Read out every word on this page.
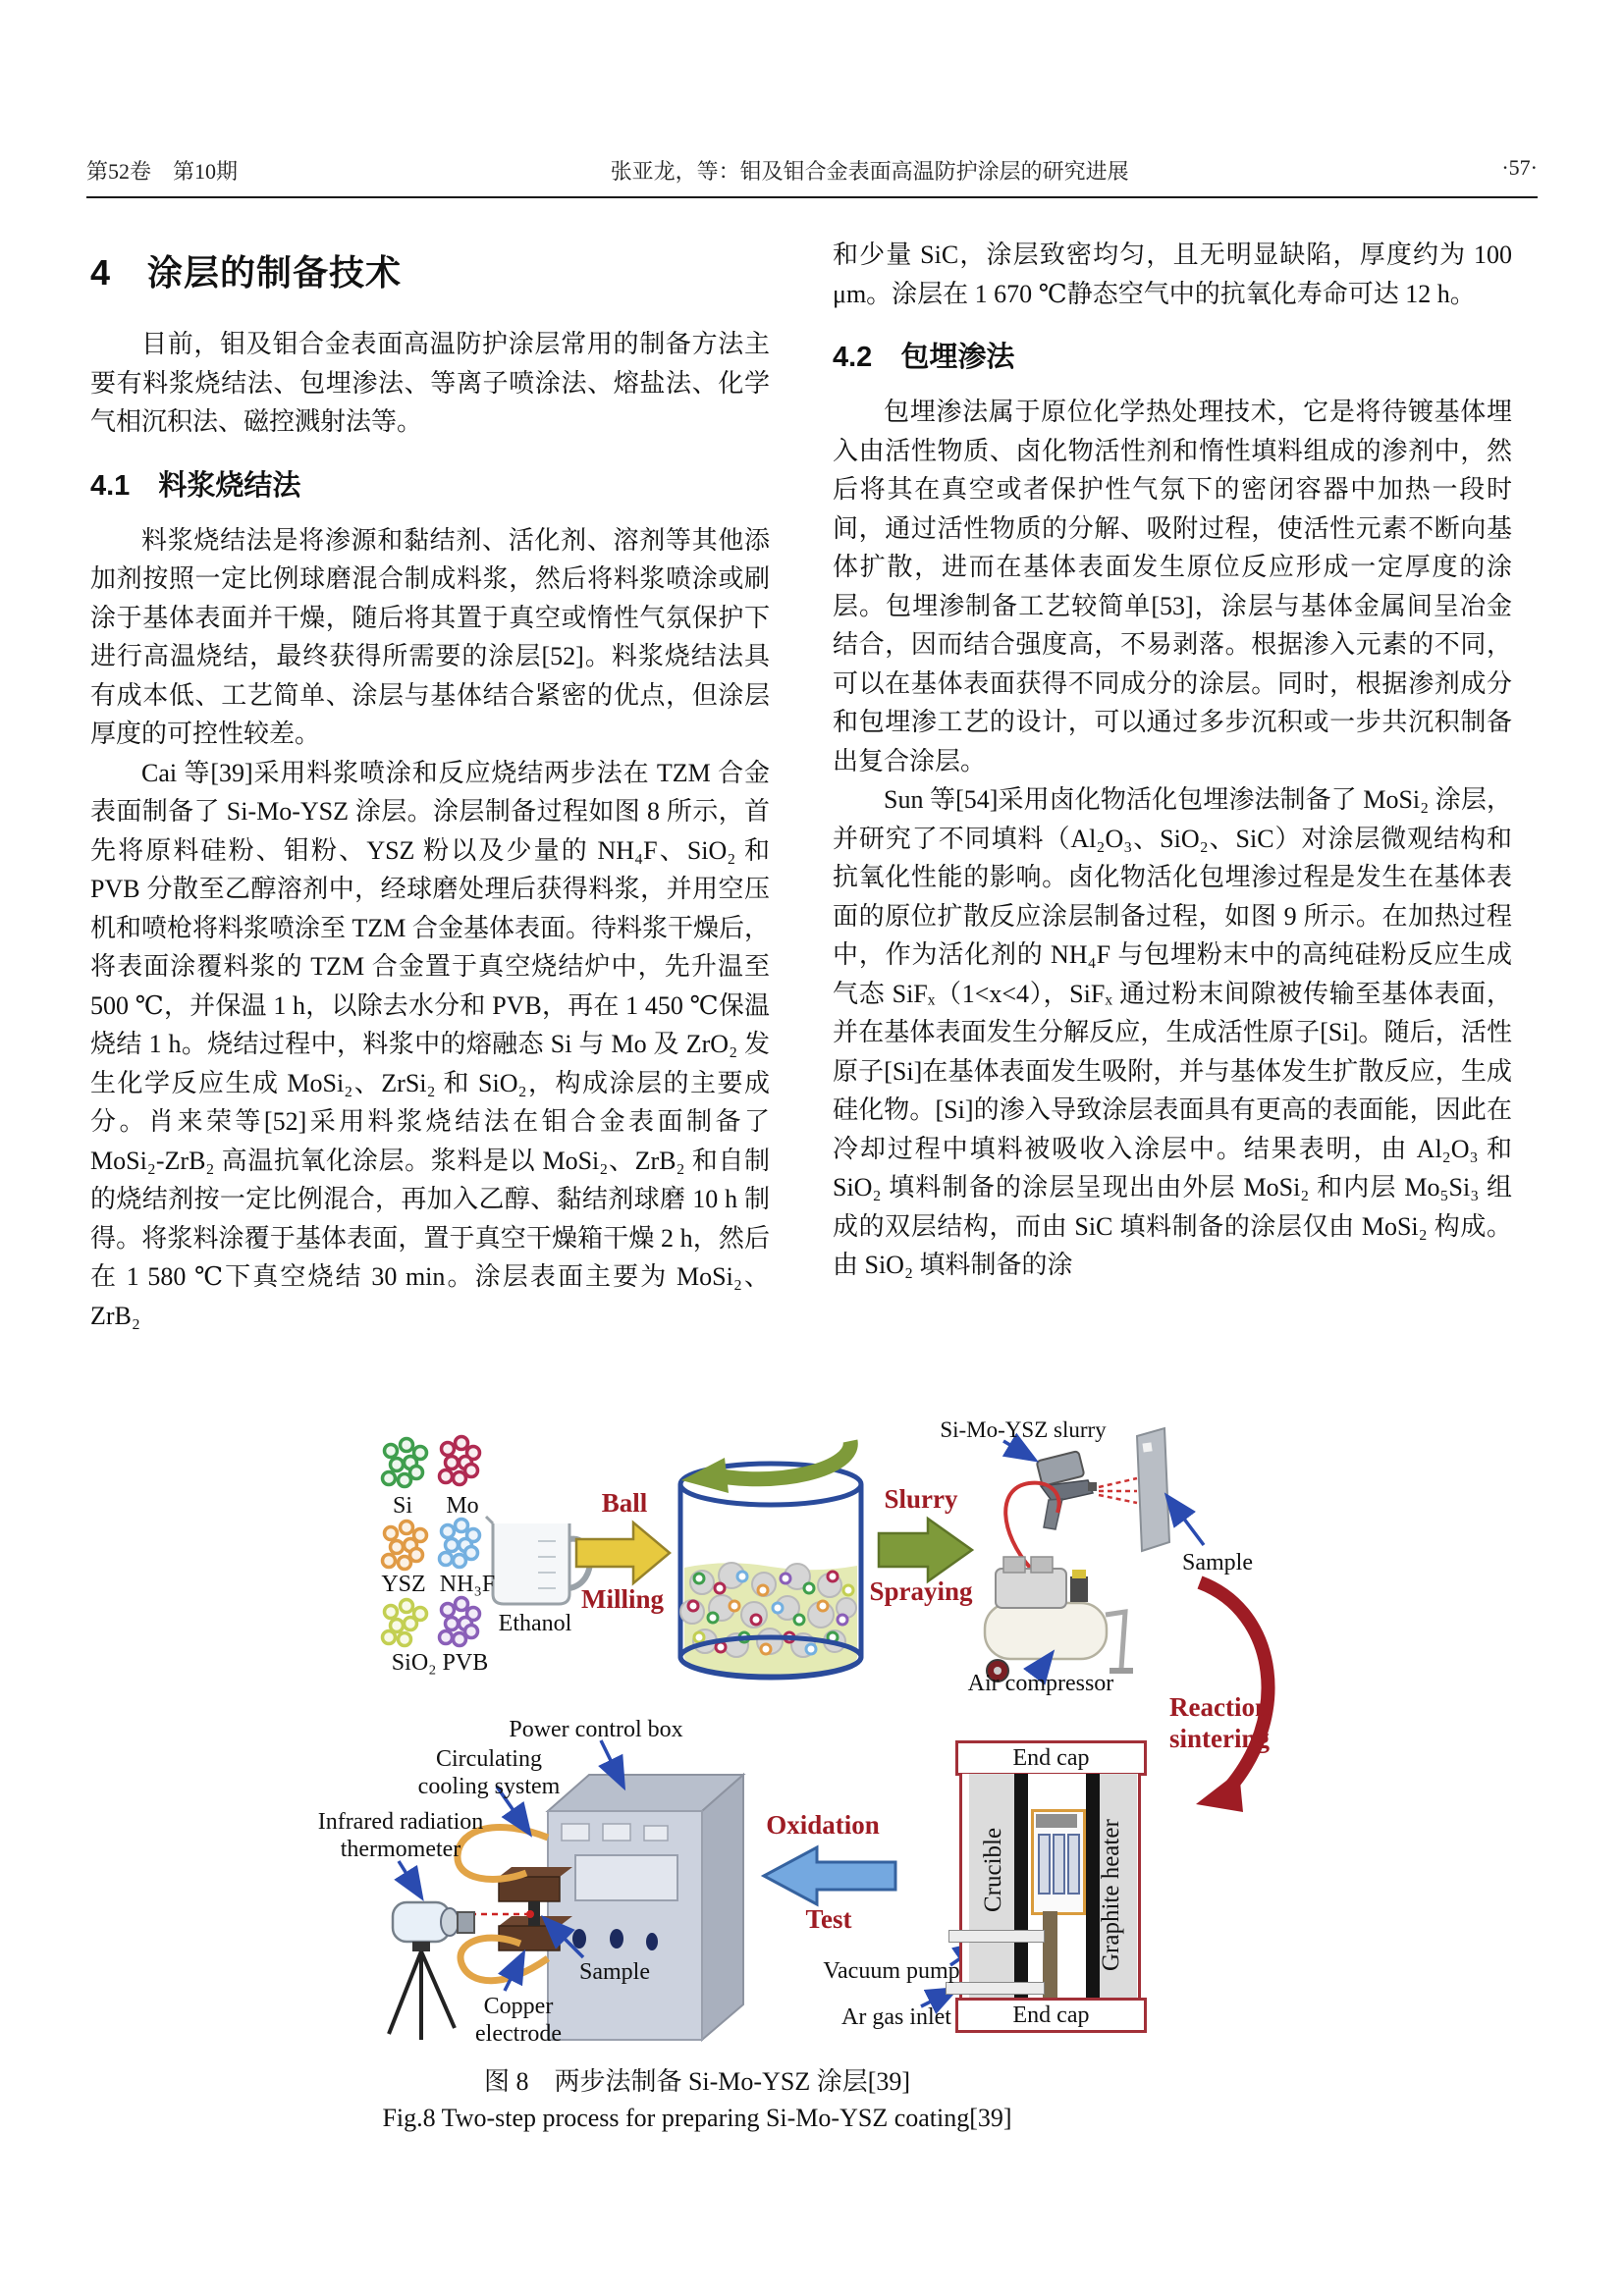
第52卷　第10期	张亚龙，等：钼及钼合金表面高温防护涂层的研究进展	·57·
4　涂层的制备技术

目前，钼及钼合金表面高温防护涂层常用的制备方法主要有料浆烧结法、包埋渗法、等离子喷涂法、熔盐法、化学气相沉积法、磁控溅射法等。

4.1　料浆烧结法

料浆烧结法是将渗源和黏结剂、活化剂、溶剂等其他添加剂按照一定比例球磨混合制成料浆，然后将料浆喷涂或刷涂于基体表面并干燥，随后将其置于真空或惰性气氛保护下进行高温烧结，最终获得所需要的涂层[52]。料浆烧结法具有成本低、工艺简单、涂层与基体结合紧密的优点，但涂层厚度的可控性较差。

Cai 等[39]采用料浆喷涂和反应烧结两步法在 TZM 合金表面制备了 Si-Mo-YSZ 涂层。涂层制备过程如图 8 所示，首先将原料硅粉、钼粉、YSZ 粉以及少量的 NH₄F、SiO₂ 和 PVB 分散至乙醇溶剂中，经球磨处理后获得料浆，并用空压机和喷枪将料浆喷涂至 TZM 合金基体表面。待料浆干燥后，将表面涂覆料浆的 TZM 合金置于真空烧结炉中，先升温至 500 ℃，并保温 1 h，以除去水分和 PVB，再在 1 450 ℃保温烧结 1 h。烧结过程中，料浆中的熔融态 Si 与 Mo 及 ZrO₂ 发生化学反应生成 MoSi₂、ZrSi₂ 和 SiO₂，构成涂层的主要成分。肖来荣等[52]采用料浆烧结法在钼合金表面制备了 MoSi₂-ZrB₂ 高温抗氧化涂层。浆料是以 MoSi₂、ZrB₂ 和自制的烧结剂按一定比例混合，再加入乙醇、黏结剂球磨 10 h 制得。将浆料涂覆于基体表面，置于真空干燥箱干燥 2 h，然后在 1 580 ℃下真空烧结 30 min。涂层表面主要为 MoSi₂、ZrB₂

和少量 SiC，涂层致密均匀，且无明显缺陷，厚度约为 100 μm。涂层在 1 670 ℃静态空气中的抗氧化寿命可达 12 h。

4.2　包埋渗法

包埋渗法属于原位化学热处理技术，它是将待镀基体埋入由活性物质、卤化物活性剂和惰性填料组成的渗剂中，然后将其在真空或者保护性气氛下的密闭容器中加热一段时间，通过活性物质的分解、吸附过程，使活性元素不断向基体扩散，进而在基体表面发生原位反应形成一定厚度的涂层。包埋渗制备工艺较简单[53]，涂层与基体金属间呈冶金结合，因而结合强度高，不易剥落。根据渗入元素的不同，可以在基体表面获得不同成分的涂层。同时，根据渗剂成分和包埋渗工艺的设计，可以通过多步沉积或一步共沉积制备出复合涂层。

Sun 等[54]采用卤化物活化包埋渗法制备了 MoSi₂ 涂层，并研究了不同填料（Al₂O₃、SiO₂、SiC）对涂层微观结构和抗氧化性能的影响。卤化物活化包埋渗过程是发生在基体表面的原位扩散反应涂层制备过程，如图 9 所示。在加热过程中，作为活化剂的 NH₄F 与包埋粉末中的高纯硅粉反应生成气态 SiFₓ（1<x<4），SiFₓ 通过粉末间隙被传输至基体表面，并在基体表面发生分解反应，生成活性原子[Si]。随后，活性原子[Si]在基体表面发生吸附，并与基体发生扩散反应，生成硅化物。[Si]的渗入导致涂层表面具有更高的表面能，因此在冷却过程中填料被吸收入涂层中。结果表明，由 Al₂O₃ 和 SiO₂ 填料制备的涂层呈现出由外层 MoSi₂ 和内层 Mo₅Si₃ 组成的双层结构，而由 SiC 填料制备的涂层仅由 MoSi₂ 构成。由 SiO₂ 填料制备的涂

End cap
End cap
Crucible	Graphite heater
Si	Mo
YSZ NH₃F
SiO₂ PVB
Ethanol
Ball
Milling
Slurry
Spraying
Si-Mo-YSZ slurry
Sample
Air compressor
Reaction
sintering
Power control box
Circulating
cooling system
Infrared radiation
thermometer
Copper
electrode
Sample
Oxidation
Test
Vacuum pump
Ar gas inlet
图 8　两步法制备 Si-Mo-YSZ 涂层[39]
Fig.8 Two-step process for preparing Si-Mo-YSZ coating[39]
